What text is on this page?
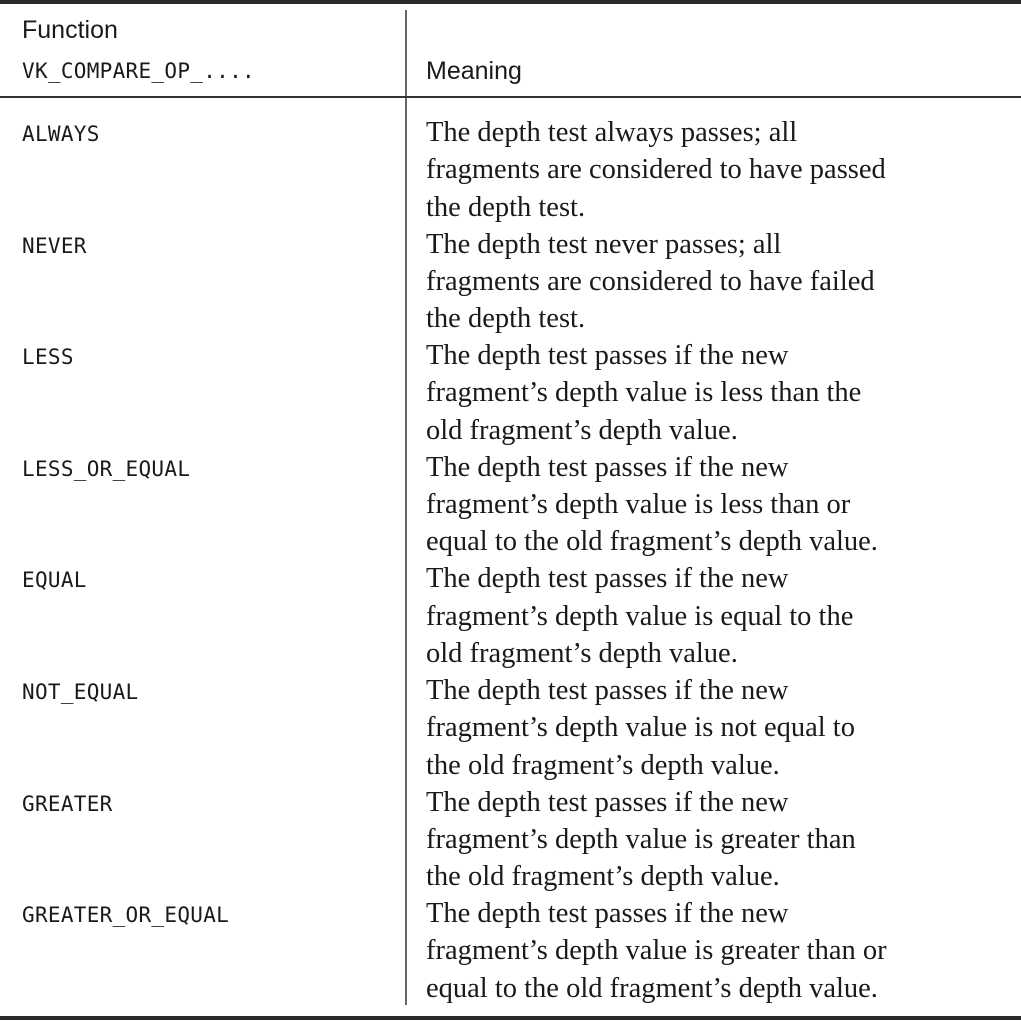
Function
VK_COMPARE_OP_....	Meaning
ALWAYS	The depth test always passes; all
fragments are considered to have passed
the depth test.

NEVER	The depth test never passes; all
fragments are considered to have failed
the depth test.

LESS	The depth test passes if the new
fragment’s depth value is less than the
old fragment’s depth value.

LESS_OR_EQUAL	The depth test passes if the new
fragment’s depth value is less than or
equal to the old fragment’s depth value.

EQUAL	The depth test passes if the new
fragment’s depth value is equal to the
old fragment’s depth value.

NOT_EQUAL	The depth test passes if the new
fragment’s depth value is not equal to
the old fragment’s depth value.

GREATER	The depth test passes if the new
fragment’s depth value is greater than
the old fragment’s depth value.

GREATER_OR_EQUAL	The depth test passes if the new
fragment’s depth value is greater than or
equal to the old fragment’s depth value.
